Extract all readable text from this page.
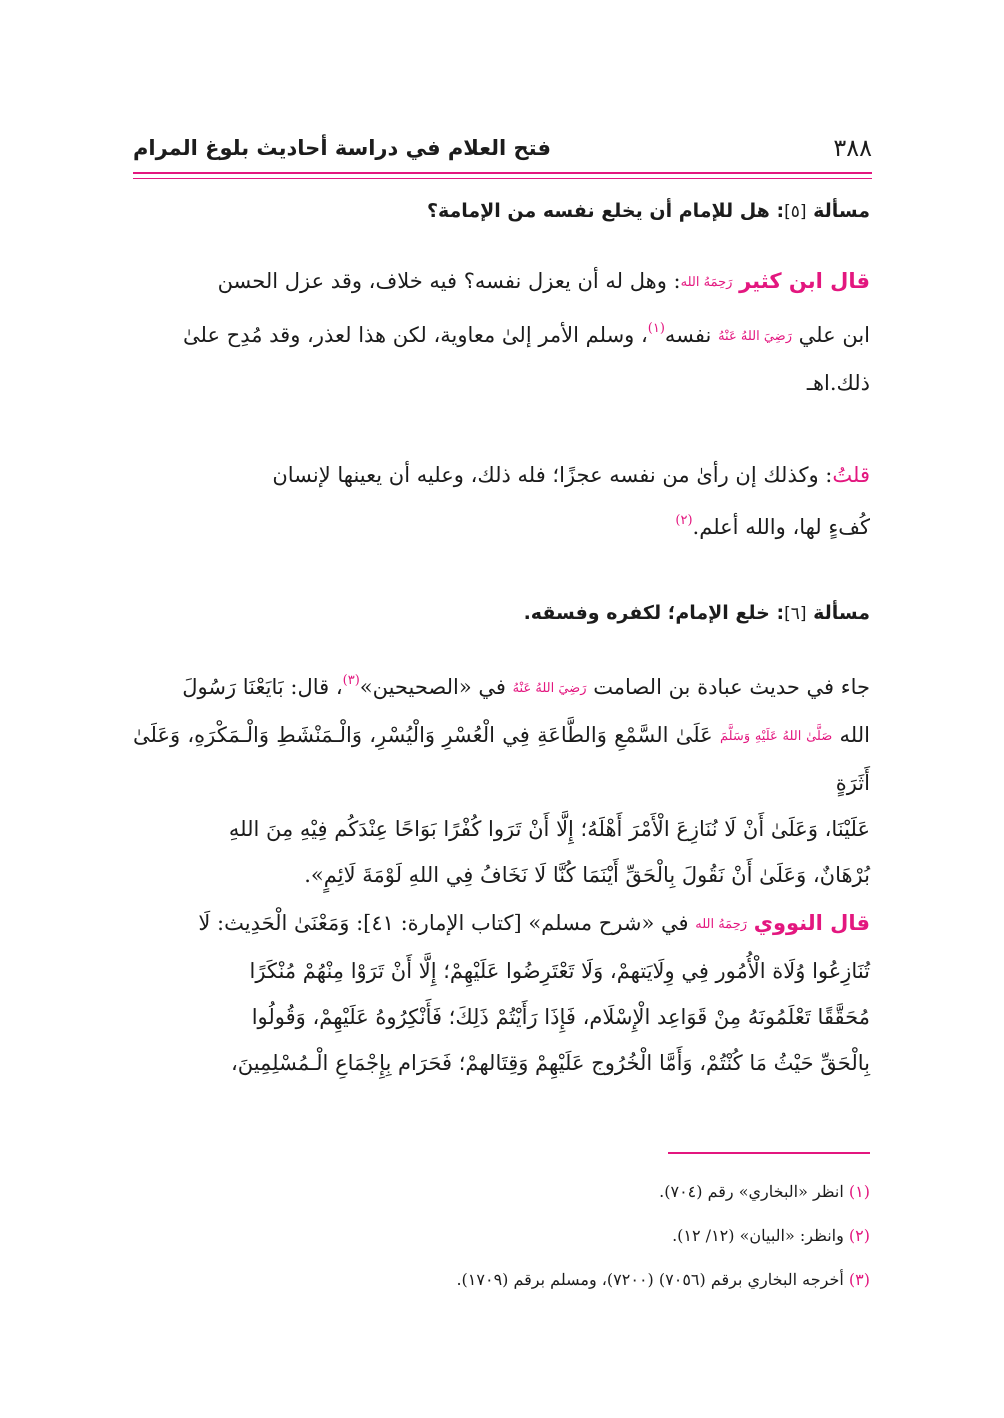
٣٨٨
فتح العلام في دراسة أحاديث بلوغ المرام
مسألة [٥]: هل للإمام أن يخلع نفسه من الإمامة؟
قال ابن كثير رَحِمَهُ الله: وهل له أن يعزل نفسه؟ فيه خلاف، وقد عزل الحسن
ابن علي رَضِيَ اللهُ عَنْهُ نفسه$^{(١)}$، وسلم الأمر إلىٰ معاوية، لكن هذا لعذر، وقد مُدِح علىٰ
ذلك.اهـ
قلتُ: وكذلك إن رأىٰ من نفسه عجزًا؛ فله ذلك، وعليه أن يعينها لإنسان
كُفءٍ لها، والله أعلم.$^{(٢)}$
مسألة [٦]: خلع الإمام؛ لكفره وفسقه.
جاء في حديث عبادة بن الصامت رَضِيَ اللهُ عَنْهُ في «الصحيحين»$^{(٣)}$، قال: بَايَعْنَا رَسُولَ
الله صَلَّىٰ اللهُ عَلَيْهِ وَسَلَّمَ عَلَىٰ السَّمْعِ وَالطَّاعَةِ فِي الْعُسْرِ وَالْيُسْرِ، وَالْـمَنْشَطِ وَالْـمَكْرَهِ، وَعَلَىٰ أَثَرَةٍ
عَلَيْنَا، وَعَلَىٰ أَنْ لَا نُنَازِعَ الْأَمْرَ أَهْلَهُ؛ إِلَّا أَنْ تَرَوا كُفْرًا بَوَاحًا عِنْدَكُم فِيْهِ مِنَ اللهِ
بُرْهَانٌ، وَعَلَىٰ أَنْ نَقُولَ بِالْحَقِّ أَيْنَمَا كُنَّا لَا نَخَافُ فِي اللهِ لَوْمَةَ لَائِمٍ».
قال النووي رَحِمَهُ الله في «شرح مسلم» [كتاب الإمارة: ٤١]: وَمَعْنَىٰ الْحَدِيث: لَا
تُنَازِعُوا وُلَاة الْأُمُور فِي وِلَايَتهمْ، وَلَا تَعْتَرِضُوا عَلَيْهِمْ؛ إِلَّا أَنْ تَرَوْا مِنْهُمْ مُنْكَرًا
مُحَقَّقًا تَعْلَمُونَهُ مِنْ قَوَاعِد الْإِسْلَام، فَإِذَا رَأَيْتُمْ ذَلِكَ؛ فَأَنْكِرُوهُ عَلَيْهِمْ، وَقُولُوا
بِالْحَقِّ حَيْثُ مَا كُنْتُمْ، وَأَمَّا الْخُرُوج عَلَيْهِمْ وَقِتَالهمْ؛ فَحَرَام بِإِجْمَاعِ الْـمُسْلِمِينَ،
(١) انظر «البخاري» رقم (٧٠٤).
(٢) وانظر: «البيان» (١٢/ ١٢).
(٣) أخرجه البخاري برقم (٧٠٥٦) (٧٢٠٠)، ومسلم برقم (١٧٠٩).
